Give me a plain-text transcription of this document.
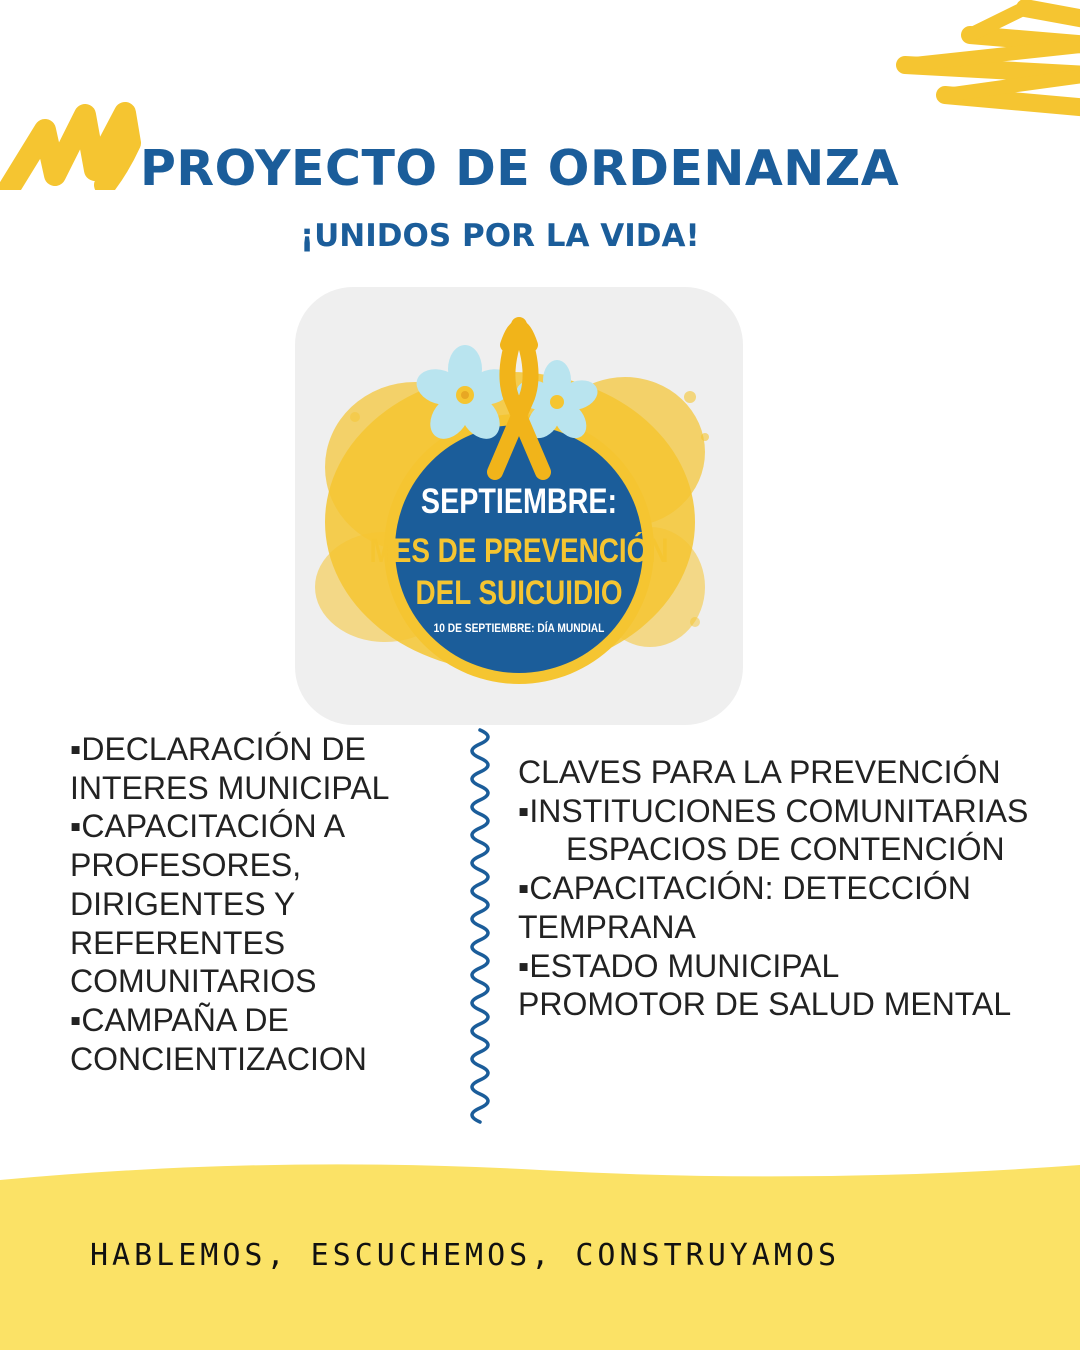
PROYECTO DE ORDENANZA
¡UNIDOS POR LA VIDA!
SEPTIEMBRE:
MES DE PREVENCIÓN
DEL SUICUIDIO
10 DE SEPTIEMBRE: DÍA MUNDIAL
▪DECLARACIÓN DE
INTERES MUNICIPAL
▪CAPACITACIÓN A
PROFESORES,
DIRIGENTES Y
REFERENTES
COMUNITARIOS
▪CAMPAÑA DE
CONCIENTIZACION
CLAVES PARA LA PREVENCIÓN
▪INSTITUCIONES COMUNITARIAS
ESPACIOS DE CONTENCIÓN
▪CAPACITACIÓN: DETECCIÓN
TEMPRANA
▪ESTADO MUNICIPAL
PROMOTOR DE SALUD MENTAL
HABLEMOS, ESCUCHEMOS, CONSTRUYAMOS
